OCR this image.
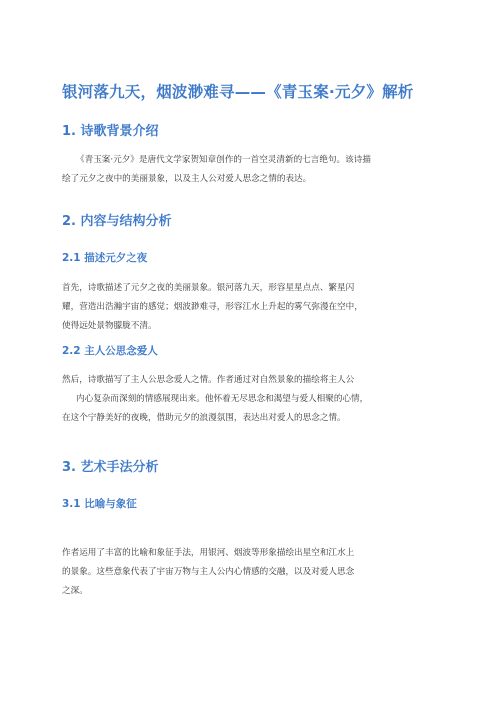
银河落九天，烟波渺难寻——《青玉案·元夕》解析
1. 诗歌背景介绍
《青玉案·元夕》是唐代文学家贺知章创作的一首空灵清新的七言绝句。该诗描
绘了元夕之夜中的美丽景象，以及主人公对爱人思念之情的表达。
2. 内容与结构分析
2.1 描述元夕之夜
首先，诗歌描述了元夕之夜的美丽景象。银河落九天，形容星星点点、繁星闪
耀，营造出浩瀚宇宙的感觉；烟波渺难寻，形容江水上升起的雾气弥漫在空中，
使得远处景物朦胧不清。
2.2 主人公思念爱人
然后，诗歌描写了主人公思念爱人之情。作者通过对自然景象的描绘将主人公
内心复杂而深刻的情感展现出来。他怀着无尽思念和渴望与爱人相聚的心情，
在这个宁静美好的夜晚，借助元夕的浪漫氛围，表达出对爱人的思念之情。
3. 艺术手法分析
3.1 比喻与象征
作者运用了丰富的比喻和象征手法，用银河、烟波等形象描绘出星空和江水上
的景象。这些意象代表了宇宙万物与主人公内心情感的交融，以及对爱人思念
之深。
